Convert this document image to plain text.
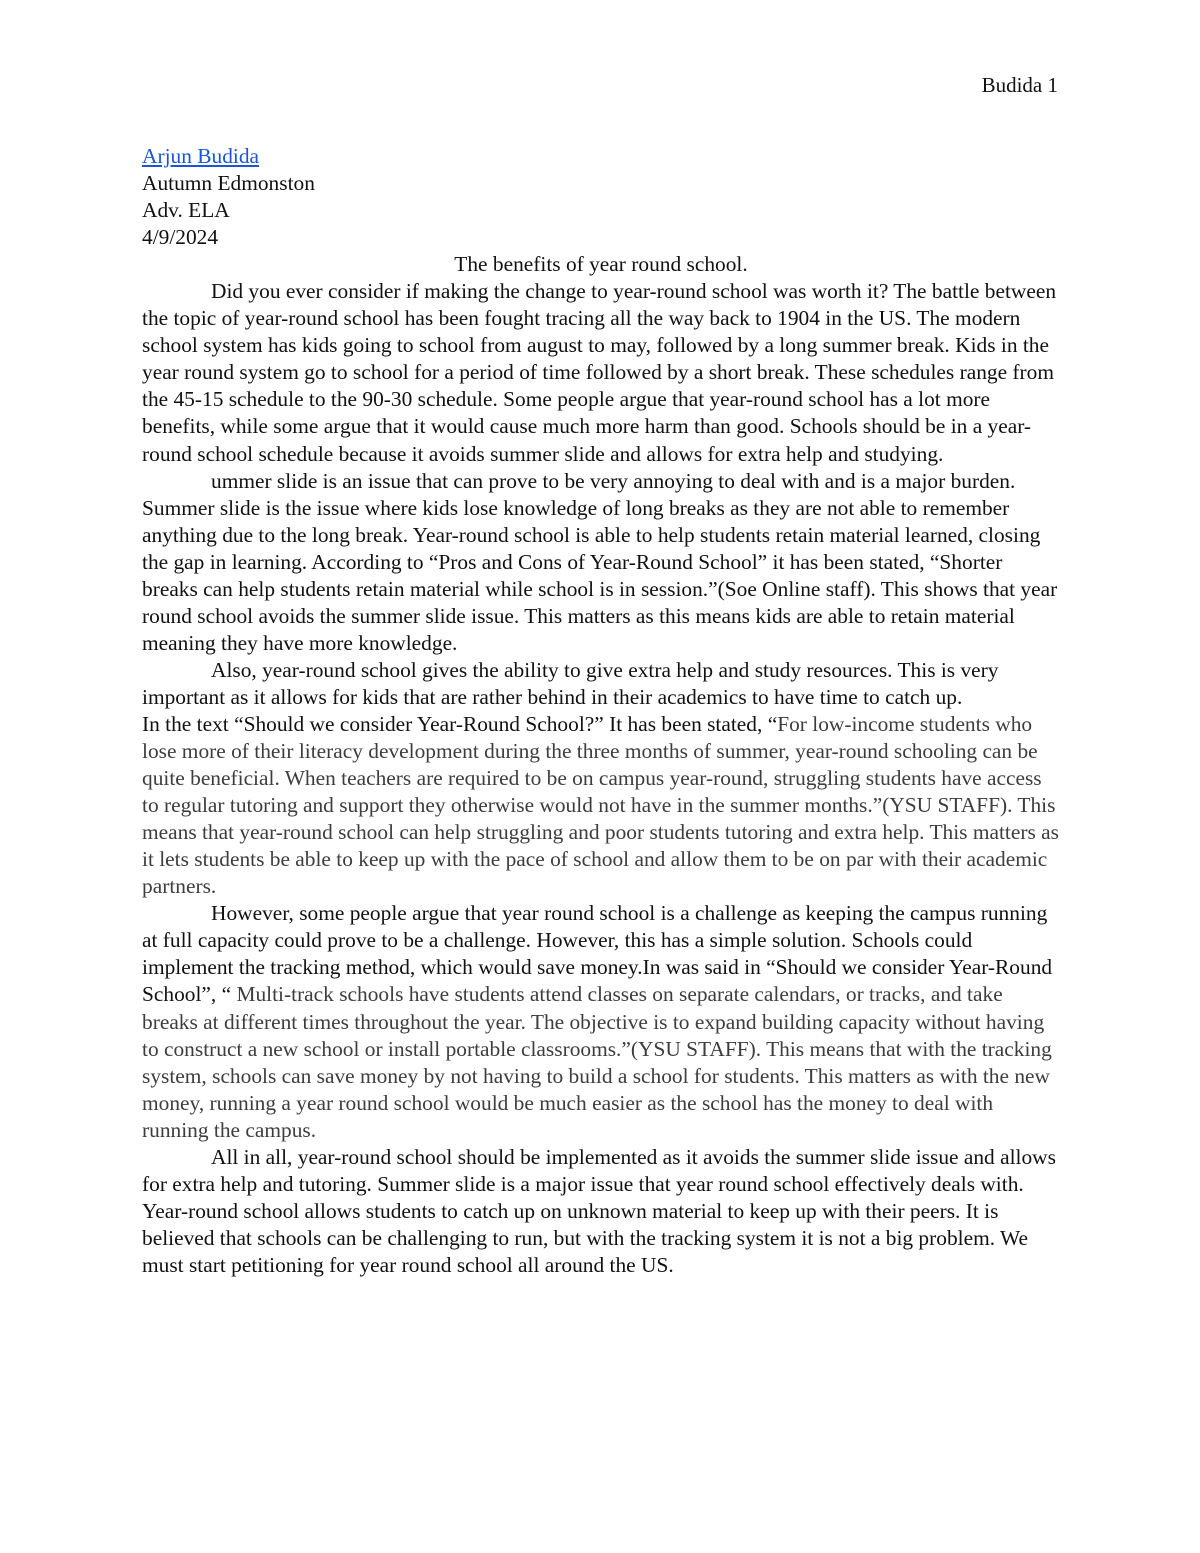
Budida 1
Arjun Budida
Autumn Edmonston
Adv. ELA
4/9/2024

The benefits of year round school.

Did you ever consider if making the change to year-round school was worth it? The battle between the topic of year-round school has been fought tracing all the way back to 1904 in the US. The modern school system has kids going to school from august to may, followed by a long summer break. Kids in the year round system go to school for a period of time followed by a short break. These schedules range from the 45-15 schedule to the 90-30 schedule. Some people argue that year-round school has a lot more benefits, while some argue that it would cause much more harm than good. Schools should be in a year-round school schedule because it avoids summer slide and allows for extra help and studying.

ummer slide is an issue that can prove to be very annoying to deal with and is a major burden. Summer slide is the issue where kids lose knowledge of long breaks as they are not able to remember anything due to the long break. Year-round school is able to help students retain material learned, closing the gap in learning. According to “Pros and Cons of Year-Round School” it has been stated, “Shorter breaks can help students retain material while school is in session.”(Soe Online staff). This shows that year round school avoids the summer slide issue. This matters as this means kids are able to retain material meaning they have more knowledge.

Also, year-round school gives the ability to give extra help and study resources. This is very important as it allows for kids that are rather behind in their academics to have time to catch up.

In the text “Should we consider Year-Round School?” It has been stated, “For low-income students who lose more of their literacy development during the three months of summer, year-round schooling can be quite beneficial. When teachers are required to be on campus year-round, struggling students have access to regular tutoring and support they otherwise would not have in the summer months.”(YSU STAFF). This means that year-round school can help struggling and poor students tutoring and extra help. This matters as it lets students be able to keep up with the pace of school and allow them to be on par with their academic partners.

However, some people argue that year round school is a challenge as keeping the campus running at full capacity could prove to be a challenge. However, this has a simple solution. Schools could implement the tracking method, which would save money.In was said in “Should we consider Year-Round School”, “ Multi-track schools have students attend classes on separate calendars, or tracks, and take breaks at different times throughout the year. The objective is to expand building capacity without having to construct a new school or install portable classrooms.”(YSU STAFF). This means that with the tracking system, schools can save money by not having to build a school for students. This matters as with the new money, running a year round school would be much easier as the school has the money to deal with running the campus.

All in all, year-round school should be implemented as it avoids the summer slide issue and allows for extra help and tutoring. Summer slide is a major issue that year round school effectively deals with. Year-round school allows students to catch up on unknown material to keep up with their peers. It is believed that schools can be challenging to run, but with the tracking system it is not a big problem. We must start petitioning for year round school all around the US.
